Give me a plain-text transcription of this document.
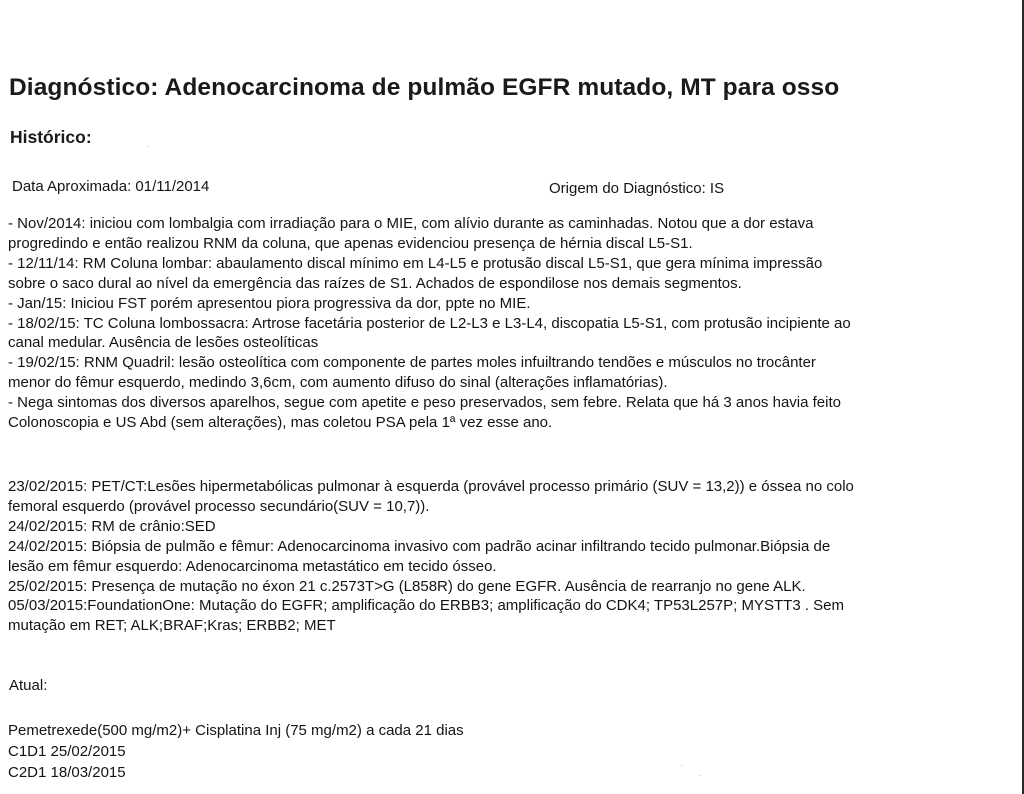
Diagnóstico: Adenocarcinoma de pulmão EGFR mutado, MT para osso
Histórico:
Data Aproximada: 01/11/2014	Origem do Diagnóstico: IS

- Nov/2014: iniciou com lombalgia com irradiação para o MIE, com alívio durante as caminhadas. Notou que a dor estava

progredindo e então realizou RNM da coluna, que apenas evidenciou presença de hérnia discal L5-S1.

- 12/11/14: RM Coluna lombar: abaulamento discal mínimo em L4-L5 e protusão discal L5-S1, que gera mínima impressão

sobre o saco dural ao nível da emergência das raízes de S1. Achados de espondilose nos demais segmentos.

- Jan/15: Iniciou FST porém apresentou piora progressiva da dor, ppte no MIE.

- 18/02/15: TC Coluna lombossacra: Artrose facetária posterior de L2-L3 e L3-L4, discopatia L5-S1, com protusão incipiente ao

canal medular. Ausência de lesões osteolíticas

- 19/02/15: RNM Quadril: lesão osteolítica com componente de partes moles infuiltrando tendões e músculos no trocânter

menor do fêmur esquerdo, medindo 3,6cm, com aumento difuso do sinal (alterações inflamatórias).

- Nega sintomas dos diversos aparelhos, segue com apetite e peso preservados, sem febre. Relata que há 3 anos havia feito

Colonoscopia e US Abd (sem alterações), mas coletou PSA pela 1ª vez esse ano.

23/02/2015: PET/CT:Lesões hipermetabólicas pulmonar à esquerda (provável processo primário (SUV = 13,2)) e óssea no colo

femoral esquerdo (provável processo secundário(SUV = 10,7)).

24/02/2015: RM de crânio:SED

24/02/2015: Biópsia de pulmão e fêmur: Adenocarcinoma invasivo com padrão acinar infiltrando tecido pulmonar.Biópsia de

lesão em fêmur esquerdo: Adenocarcinoma metastático em tecido ósseo.

25/02/2015: Presença de mutação no éxon 21 c.2573T>G (L858R) do gene EGFR. Ausência de rearranjo no gene ALK.

05/03/2015:FoundationOne: Mutação do EGFR; amplificação do ERBB3; amplificação do CDK4; TP53L257P; MYSTT3 . Sem

mutação em RET; ALK;BRAF;Kras; ERBB2; MET

Atual:

Pemetrexede(500 mg/m2)+ Cisplatina Inj (75 mg/m2) a cada 21 dias

C1D1 25/02/2015

C2D1 18/03/2015

·
·
·
